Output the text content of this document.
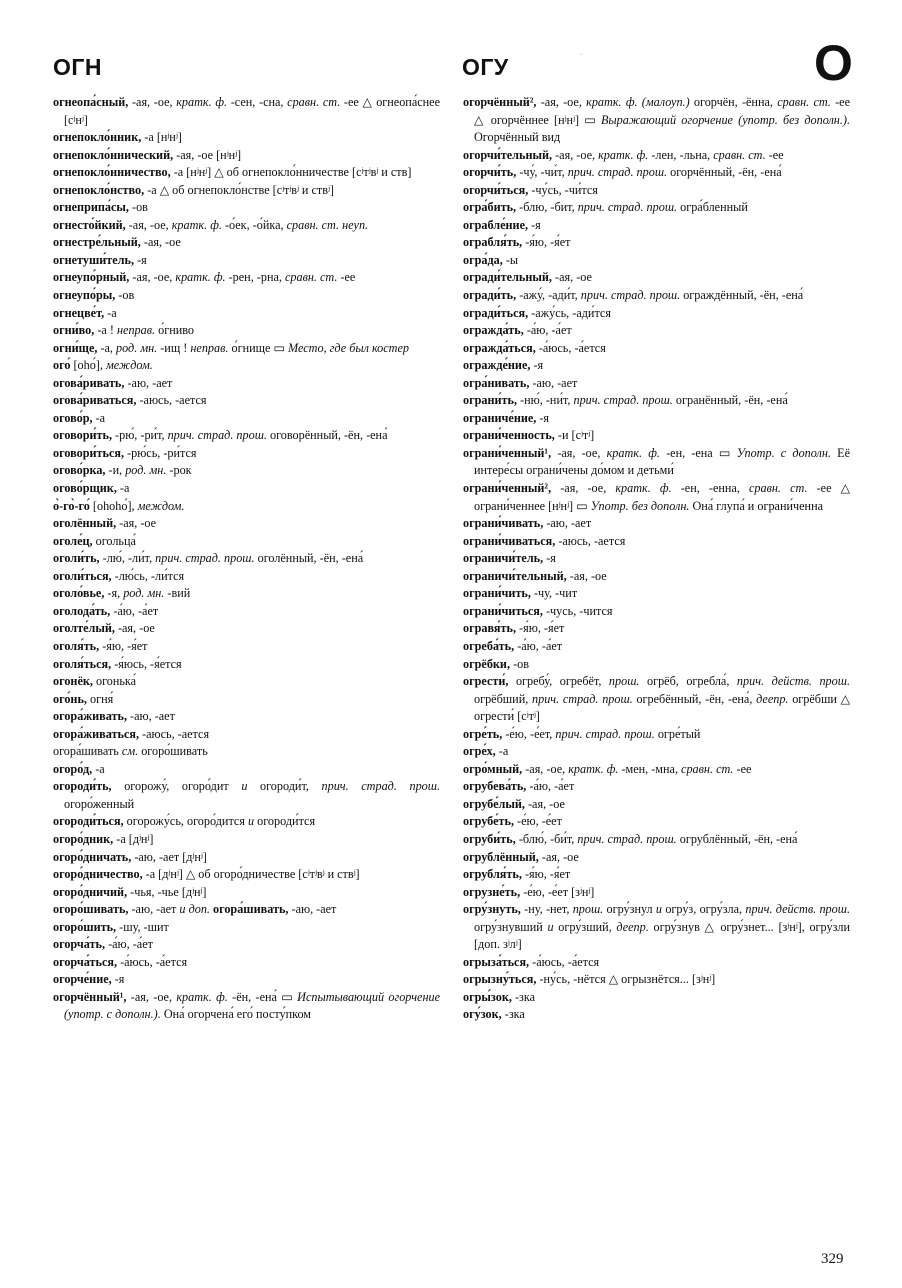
ОГН	·
ОГУ	О

огнеопа́сный, -ая, -ое, кратк. ф. -сен, -сна, сравн. ст. -ее △ огнеопа́снее [сʲнʲ]

огнепокло́нник, -а [нʲнʲ]

огнепокло́ннический, -ая, -ое [нʲнʲ]

огнепокло́нничество, -а [нʲнʲ] △ об огнепокло́нничестве [сʲтʲвʲ и ств]

огнепокло́нство, -а △ об огнепокло́нстве [сʲтʲвʲ и ствʲ]

огнеприпа́сы, -ов

огнесто́йкий, -ая, -ое, кратк. ф. -о́ек, -о́йка, сравн. ст. неуп.

огнестре́льный, -ая, -ое

огнетуши́тель, -я

огнеупо́рный, -ая, -ое, кратк. ф. -рен, -рна, сравн. ст. -ее

огнеупо́ры, -ов

огнецве́т, -а

огни́во, -а ! неправ. о́гниво

огни́ще, -а, род. мн. -ищ ! неправ. о́гнище ▭ Место, где был костер

ого́ [оhо́], междом.

огова́ривать, -аю, -ает

огова́риваться, -аюсь, -ается

огово́р, -а

оговори́ть, -рю́, -ри́т, прич. страд. прош. оговорённый, -ён, -ена́

оговори́ться, -рю́сь, -ри́тся

огово́рка, -и, род. мн. -рок

огово́рщик, -а

о̀-го̀-го́ [оhоhо́], междом.

оголённый, -ая, -ое

оголе́ц, огольца́

оголи́ть, -лю́, -ли́т, прич. страд. прош. оголённый, -ён, -ена́

оголи́ться, -лю́сь, -ли́тся

оголо́вье, -я, род. мн. -вий

оголода́ть, -а́ю, -а́ет

оголте́лый, -ая, -ое

оголя́ть, -я́ю, -я́ет

оголя́ться, -я́юсь, -я́ется

огонёк, огонька́

ого́нь, огня́

огора́живать, -аю, -ает

огора́живаться, -аюсь, -ается

огора́шивать см. огоро́шивать

огоро́д, -а

огороди́ть, огорожу́, огоро́дит и огороди́т, прич. страд. прош. огоро́женный

огороди́ться, огорожу́сь, огоро́дится и огороди́тся

огоро́дник, -а [дʲнʲ]

огоро́дничать, -аю, -ает [дʲнʲ]

огоро́дничество, -а [дʲнʲ] △ об огоро́дничестве [сʲтʲвʲ и ствʲ]

огоро́дничий, -чья, -чье [дʲнʲ]

огоро́шивать, -аю, -ает и доп. огора́шивать, -аю, -ает

огоро́шить, -шу, -шит

огорча́ть, -а́ю, -а́ет

огорча́ться, -а́юсь, -а́ется

огорче́ние, -я

огорчённый¹, -ая, -ое, кратк. ф. -ён, -ена́ ▭ Испытывающий огорчение (употр. с дополн.). Она́ огорчена́ его́ посту́пком

огорчённый², -ая, -ое, кратк. ф. (малоуп.) огорчён, -ённа, сравн. ст. -ее △ огорчённее [нʲнʲ] ▭ Выражающий огорчение (употр. без дополн.). Огорчённый вид

огорчи́тельный, -ая, -ое, кратк. ф. -лен, -льна, сравн. ст. -ее

огорчи́ть, -чу́, -чи́т, прич. страд. прош. огорчённый, -ён, -ена́

огорчи́ться, -чу́сь, -чи́тся

огра́бить, -блю, -бит, прич. страд. прош. огра́бленный

ограбле́ние, -я

ограбля́ть, -я́ю, -я́ет

огра́да, -ы

огради́тельный, -ая, -ое

огради́ть, -ажу́, -ади́т, прич. страд. прош. ограждённый, -ён, -ена́

огради́ться, -ажу́сь, -ади́тся

огражда́ть, -а́ю, -а́ет

огражда́ться, -а́юсь, -а́ется

огражде́ние, -я

огра́нивать, -аю, -ает

ограни́ть, -ню́, -ни́т, прич. страд. прош. огранённый, -ён, -ена́

ограниче́ние, -я

ограни́ченность, -и [сʲтʲ]

ограни́ченный¹, -ая, -ое, кратк. ф. -ен, -ена ▭ Употр. с дополн. Её интере́сы ограни́чены до́мом и детьми́

ограни́ченный², -ая, -ое, кратк. ф. -ен, -енна, сравн. ст. -ее △ ограни́ченнее [нʲнʲ] ▭ Употр. без дополн. Она́ глупа́ и ограни́ченна

ограни́чивать, -аю, -ает

ограни́чиваться, -аюсь, -ается

ограничи́тель, -я

ограничи́тельный, -ая, -ое

ограни́чить, -чу, -чит

ограни́читься, -чусь, -чится

огравя́ть, -я́ю, -я́ет

огреба́ть, -а́ю, -а́ет

огрёбки, -ов

огрести́, огребу́, огребёт, прош. огрёб, огребла́, прич. действ. прош. огрёбший, прич. страд. прош. огребённый, -ён, -ена́, деепр. огрёбши △ огрести́ [сʲтʲ]

огре́ть, -е́ю, -е́ет, прич. страд. прош. огре́тый

огре́х, -а

огро́мный, -ая, -ое, кратк. ф. -мен, -мна, сравн. ст. -ее

огрубева́ть, -а́ю, -а́ет

огрубе́лый, -ая, -ое

огрубе́ть, -е́ю, -е́ет

огруби́ть, -блю́, -би́т, прич. страд. прош. огрублённый, -ён, -ена́

огрублённый, -ая, -ое

огрубля́ть, -я́ю, -я́ет

огрузне́ть, -е́ю, -е́ет [зʲнʲ]

огру́знуть, -ну, -нет, прош. огру́знул и огру́з, огру́зла, прич. действ. прош. огру́знувший и огру́зший, деепр. огру́знув △ огру́знет... [зʲнʲ], огру́зли [доп. зʲлʲ]

огрыза́ться, -а́юсь, -а́ется

огрызну́ться, -ну́сь, -нётся △ огрызнётся... [зʲнʲ]

огры́зок, -зка

огу́зок, -зка

329
